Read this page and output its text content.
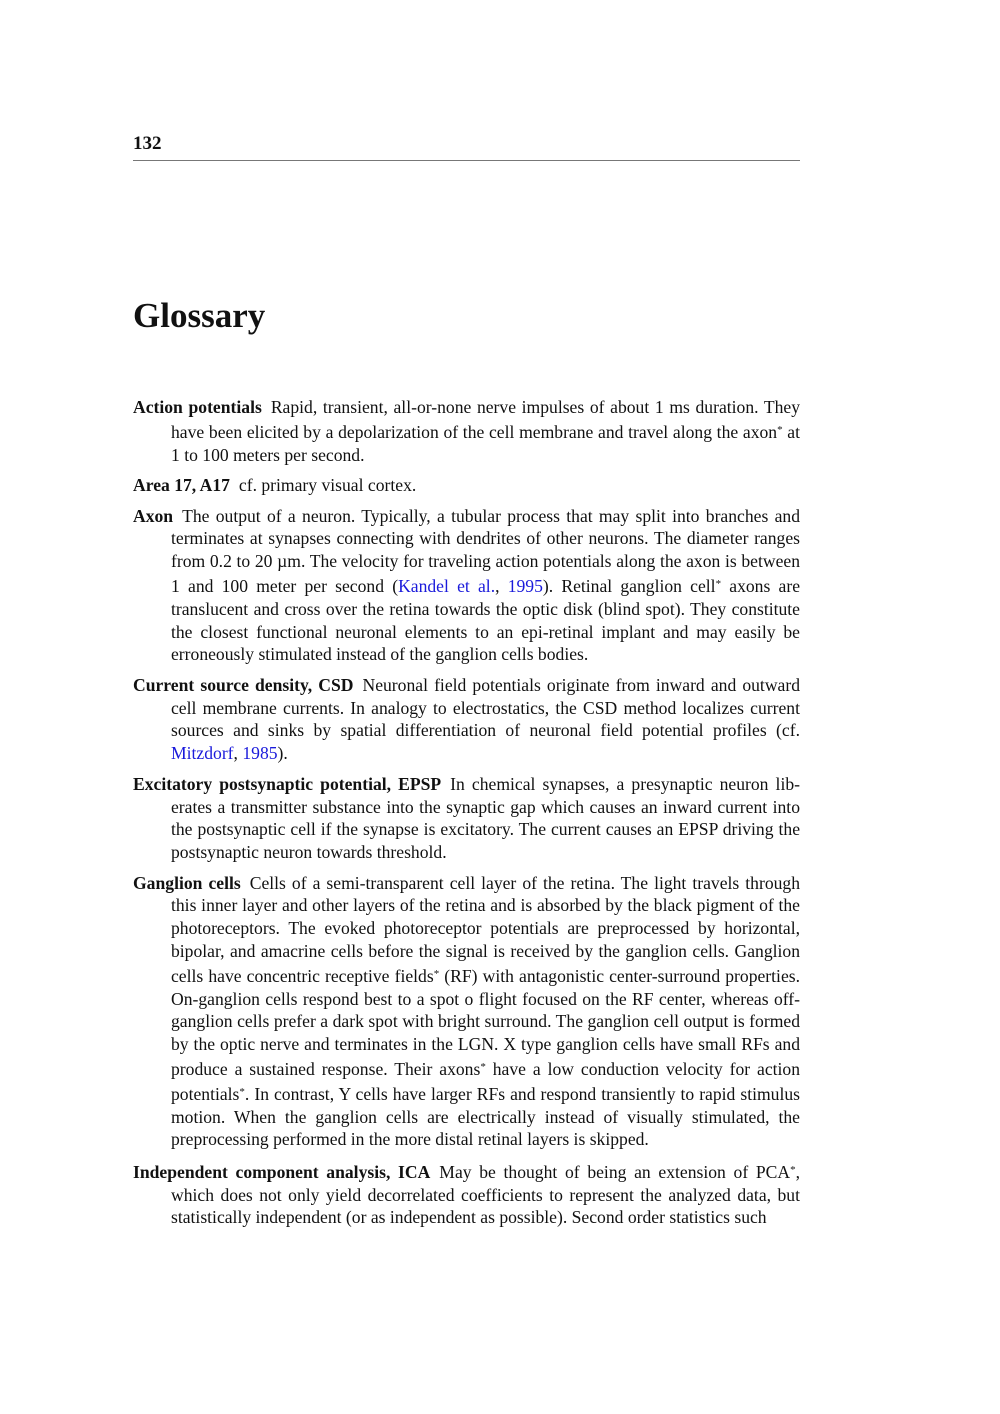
132
Glossary

Action potentials Rapid, transient, all-or-none nerve impulses of about 1 ms duration. They have been elicited by a depolarization of the cell membrane and travel along the axon* at 1 to 100 meters per second.

Area 17, A17 cf. primary visual cortex.

Axon The output of a neuron. Typically, a tubular process that may split into branches and terminates at synapses connecting with dendrites of other neurons. The diameter ranges from 0.2 to 20 µm. The velocity for traveling action potentials along the axon is between 1 and 100 meter per second (Kandel et al., 1995). Retinal ganglion cell* axons are translucent and cross over the retina towards the optic disk (blind spot). They constitute the closest functional neuronal elements to an epi-retinal implant and may easily be erroneously stimulated instead of the ganglion cells bodies.

Current source density, CSD Neuronal field potentials originate from inward and outward cell membrane currents. In analogy to electrostatics, the CSD method localizes current sources and sinks by spatial differentiation of neuronal field potential profiles (cf. Mitzdorf, 1985).

Excitatory postsynaptic potential, EPSP In chemical synapses, a presynaptic neuron liberates a transmitter substance into the synaptic gap which causes an inward current into the postsynaptic cell if the synapse is excitatory. The current causes an EPSP driving the postsynaptic neuron towards threshold.

Ganglion cells Cells of a semi-transparent cell layer of the retina. The light travels through this inner layer and other layers of the retina and is absorbed by the black pigment of the photoreceptors. The evoked photoreceptor potentials are preprocessed by horizontal, bipolar, and amacrine cells before the signal is received by the ganglion cells. Ganglion cells have concentric receptive fields* (RF) with antagonistic center-surround properties. On-ganglion cells respond best to a spot o flight focused on the RF center, whereas off-ganglion cells prefer a dark spot with bright surround. The ganglion cell output is formed by the optic nerve and terminates in the LGN. X type ganglion cells have small RFs and produce a sustained response. Their axons* have a low conduction velocity for action potentials*. In contrast, Y cells have larger RFs and respond transiently to rapid stimulus motion. When the ganglion cells are electrically instead of visually stimulated, the preprocessing performed in the more distal retinal layers is skipped.

Independent component analysis, ICA May be thought of being an extension of PCA*, which does not only yield decorrelated coefficients to represent the analyzed data, but statistically independent (or as independent as possible). Second order statistics such
